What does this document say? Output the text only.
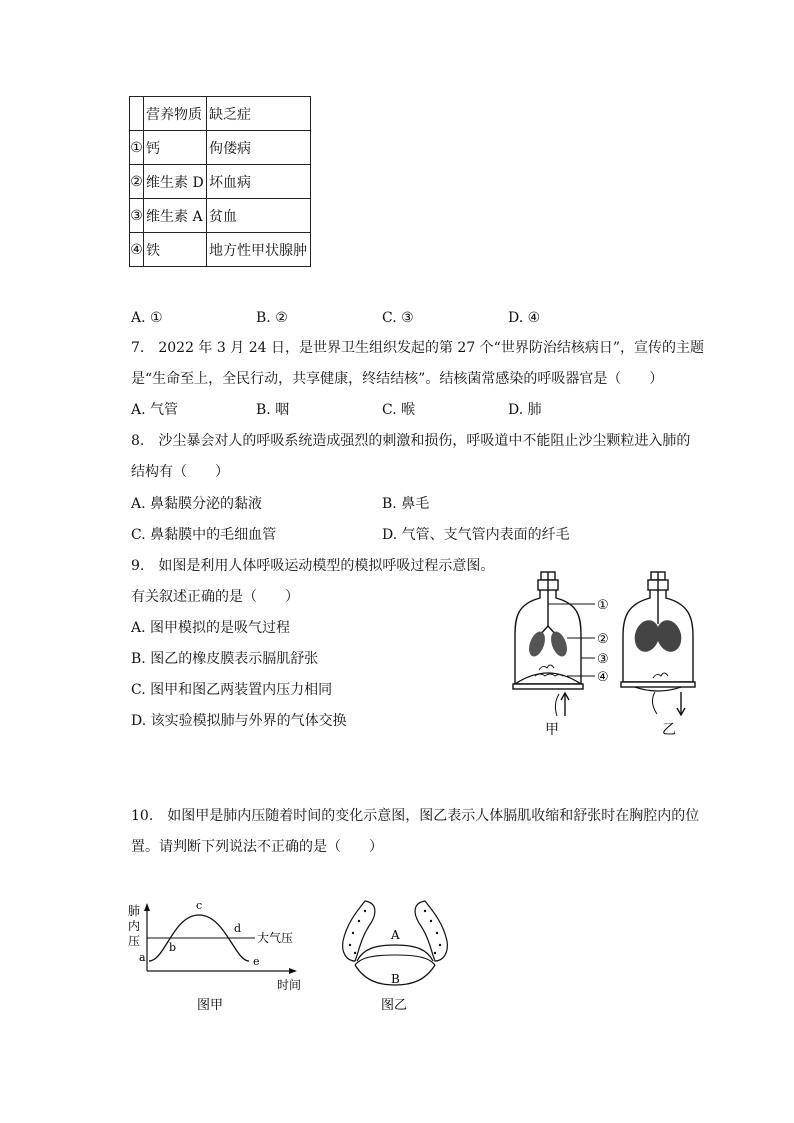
	营养物质	缺乏症
①	钙	佝偻病
②	维生素 D	坏血病
③	维生素 A	贫血
④	铁	地方性甲状腺肿
A. ①	B. ②	C. ③	D. ④
7.　2022 年 3 月 24 日，是世界卫生组织发起的第 27 个“世界防治结核病日”，宣传的主题
是“生命至上，全民行动，共享健康，终结结核”。结核菌常感染的呼吸器官是（　　）
A. 气管	B. 咽	C. 喉	D. 肺
8.　沙尘暴会对人的呼吸系统造成强烈的刺激和损伤，呼吸道中不能阻止沙尘颗粒进入肺的
结构有（　　）
A. 鼻黏膜分泌的黏液	B. 鼻毛
C. 鼻黏膜中的毛细血管	D. 气管、支气管内表面的纤毛
9.　如图是利用人体呼吸运动模型的模拟呼吸过程示意图。
有关叙述正确的是（　　）
A. 图甲模拟的是吸气过程
B. 图乙的橡皮膜表示膈肌舒张
C. 图甲和图乙两装置内压力相同
D. 该实验模拟肺与外界的气体交换
①
②
③
④
甲	乙
10.　如图甲是肺内压随着时间的变化示意图，图乙表示人体膈肌收缩和舒张时在胸腔内的位
置。请判断下列说法不正确的是（　　）
肺
内
压	大气压
a
b
c
d
e
时间
图甲
A
B
图乙
